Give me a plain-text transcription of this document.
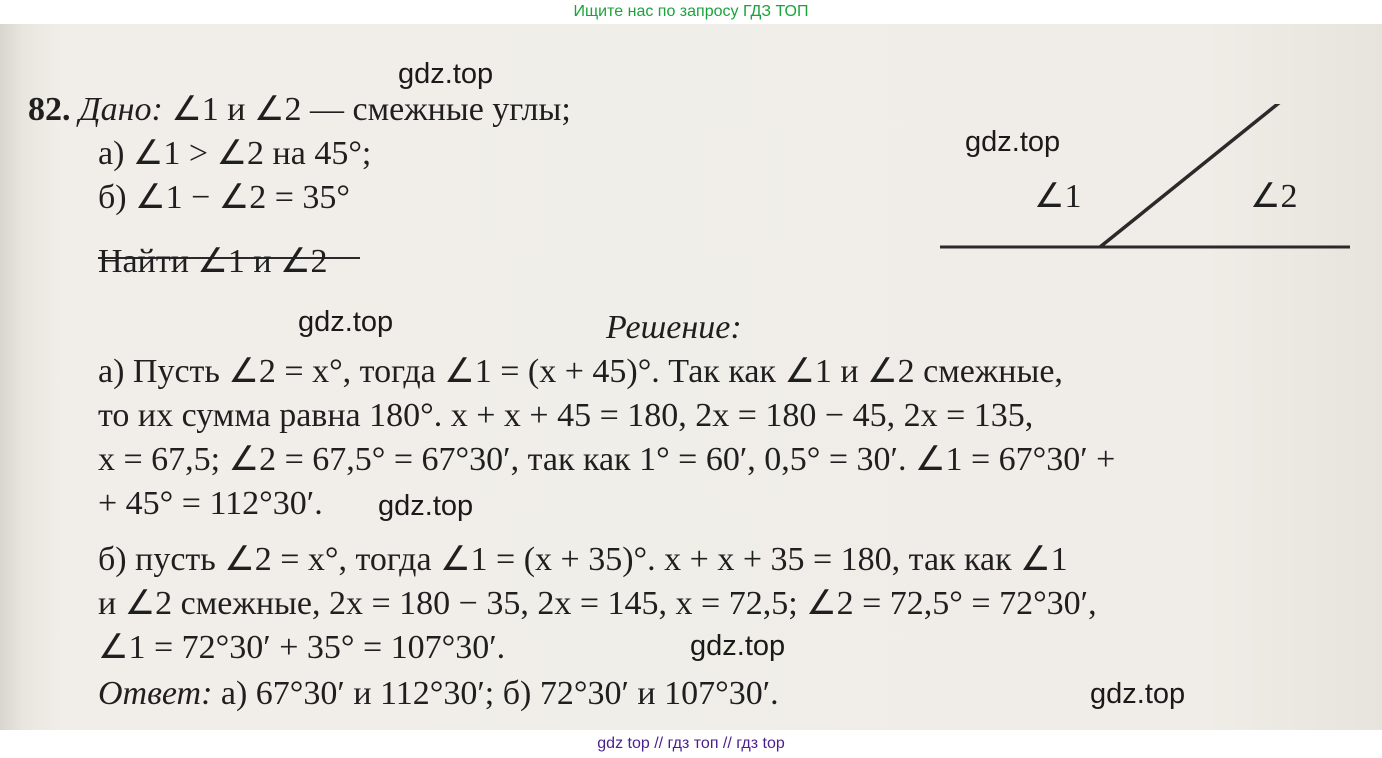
Ищите нас по запросу ГДЗ ТОП
82. Дано: ∠1 и ∠2 — смежные углы;
а) ∠1 > ∠2 на 45°;
б) ∠1 − ∠2 = 35°
Найти ∠1 и ∠2
∠1	∠2
Решение:
а) Пусть ∠2 = x°, тогда ∠1 = (x + 45)°. Так как ∠1 и ∠2 смежные,
то их сумма равна 180°. x + x + 45 = 180, 2x = 180 − 45, 2x = 135,
x = 67,5; ∠2 = 67,5° = 67°30′, так как 1° = 60′, 0,5° = 30′. ∠1 = 67°30′ +
+ 45° = 112°30′.
б) пусть ∠2 = x°, тогда ∠1 = (x + 35)°. x + x + 35 = 180, так как ∠1
и ∠2 смежные, 2x = 180 − 35, 2x = 145, x = 72,5; ∠2 = 72,5° = 72°30′,
∠1 = 72°30′ + 35° = 107°30′.
Ответ: а) 67°30′ и 112°30′; б) 72°30′ и 107°30′.
gdz.top
gdz.top
gdz.top
gdz.top
gdz.top
gdz.top
gdz top // гдз топ // гдз top
